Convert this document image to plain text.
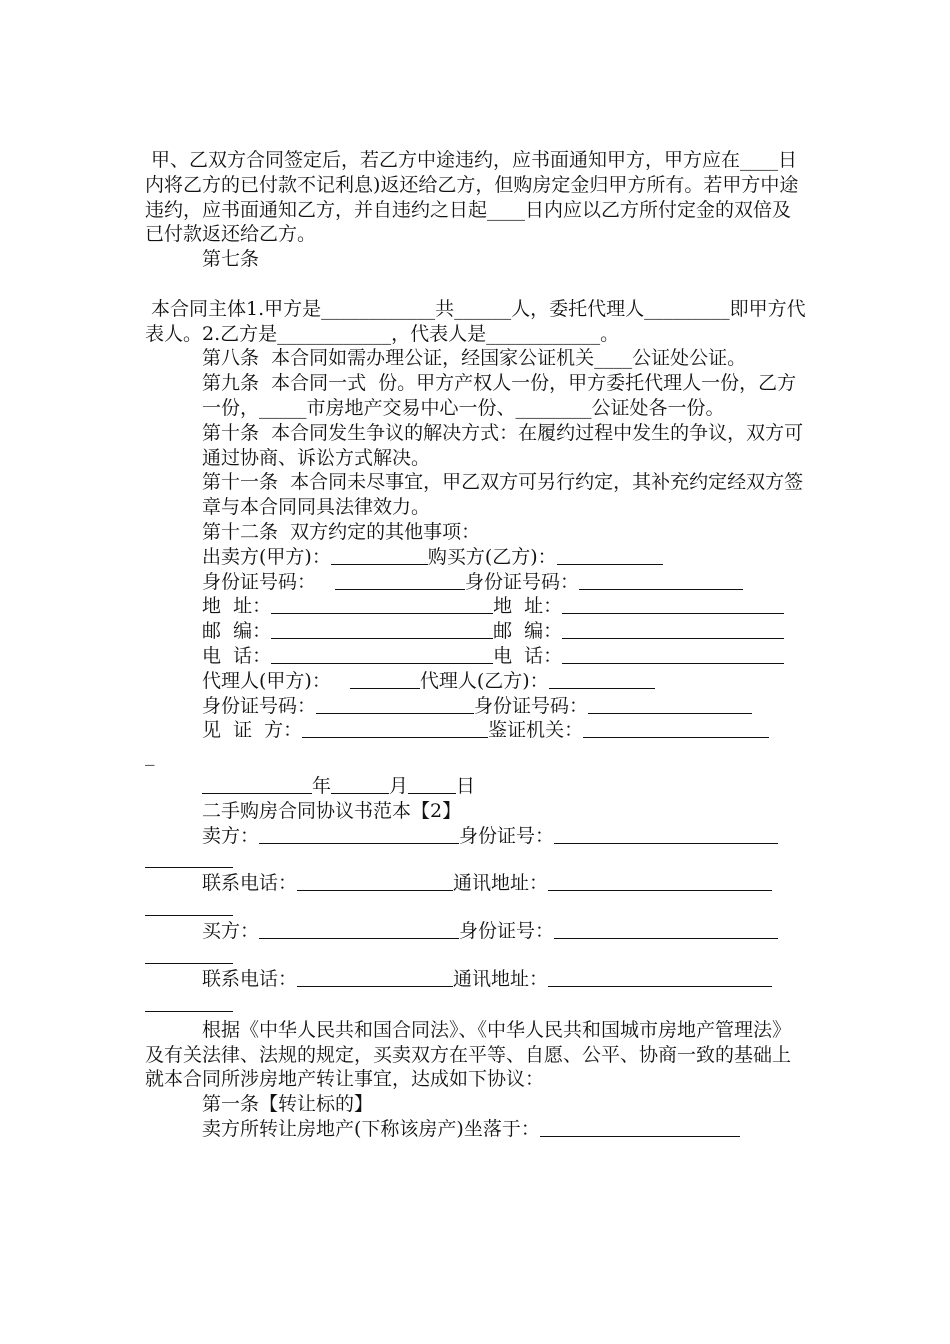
甲、乙双方合同签定后，若乙方中途违约，应书面通知甲方，甲方应在____日内将乙方的已付款不记利息)返还给乙方，但购房定金归甲方所有。若甲方中途违约，应书面通知乙方，并自违约之日起____日内应以乙方所付定金的双倍及已付款返还给乙方。

第七条

本合同主体1.甲方是____________共______人，委托代理人_________即甲方代表人。2.乙方是____________，代表人是____________。

第八条  本合同如需办理公证，经国家公证机关____公证处公证。

第九条  本合同一式  份。甲方产权人一份，甲方委托代理人一份，乙方一份，_____市房地产交易中心一份、________公证处各一份。

第十条  本合同发生争议的解决方式：在履约过程中发生的争议，双方可通过协商、诉讼方式解决。

第十一条  本合同未尽事宜，甲乙双方可另行约定，其补充约定经双方签章与本合同同具法律效力。

第十二条  双方约定的其他事项：

出卖方(甲方)：	购买方(乙方)：
身份证号码：	身份证号码：
地  址：	地  址：
邮  编：	邮  编：
电  话：	电  话：
代理人(甲方)：	代理人(乙方)：
身份证号码：	身份证号码：
见  证  方：	鉴证机关：

_

年	月	日

二手购房合同协议书范本【2】

卖方：	身份证号：
联系电话：	通讯地址：
买方：	身份证号：
联系电话：	通讯地址：

根据《中华人民共和国合同法》、《中华人民共和国城市房地产管理法》及有关法律、法规的规定，买卖双方在平等、自愿、公平、协商一致的基础上就本合同所涉房地产转让事宜，达成如下协议：

第一条【转让标的】

卖方所转让房地产(下称该房产)坐落于：
